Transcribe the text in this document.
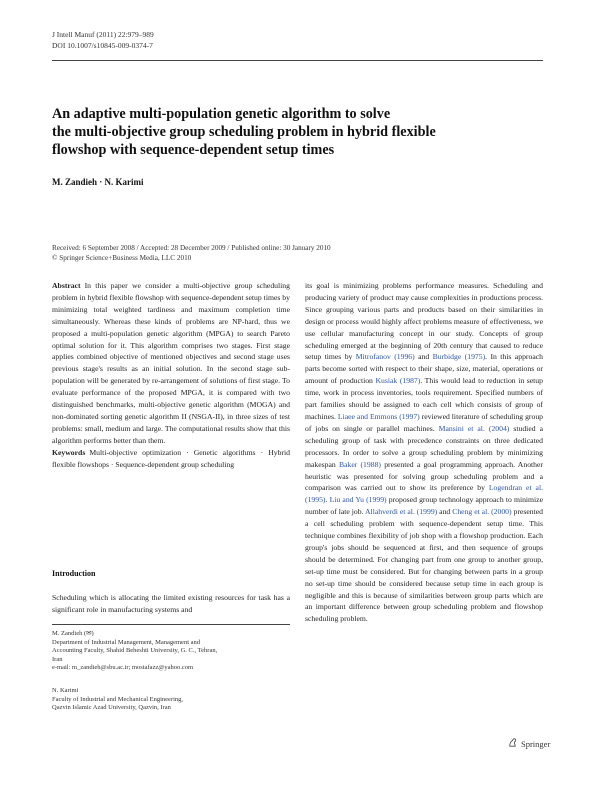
J Intell Manuf (2011) 22:979–989
DOI 10.1007/s10845-009-0374-7
An adaptive multi-population genetic algorithm to solve
the multi-objective group scheduling problem in hybrid flexible
flowshop with sequence-dependent setup times
M. Zandieh · N. Karimi
Received: 6 September 2008 / Accepted: 28 December 2009 / Published online: 30 January 2010
© Springer Science+Business Media, LLC 2010

Abstract In this paper we consider a multi-objective group scheduling problem in hybrid flexible flowshop with sequence-dependent setup times by minimizing total weighted tardiness and maximum completion time simultaneously. Whereas these kinds of problems are NP-hard, thus we proposed a multi-population genetic algorithm (MPGA) to search Pareto optimal solution for it. This algorithm comprises two stages. First stage applies combined objective of mentioned objectives and second stage uses previous stage's results as an initial solution. In the second stage sub-population will be generated by re-arrangement of solutions of first stage. To evaluate performance of the proposed MPGA, it is compared with two distinguished benchmarks, multi-objective genetic algorithm (MOGA) and non-dominated sorting genetic algorithm II (NSGA-II), in three sizes of test problems: small, medium and large. The computational results show that this algorithm performs better than them.

Keywords Multi-objective optimization · Genetic algorithms · Hybrid flexible flowshops · Sequence-dependent group scheduling

Introduction

Scheduling which is allocating the limited existing resources for task has a significant role in manufacturing systems and

M. Zandieh (✉)

Department of Industrial Management, Management and

Accounting Faculty, Shahid Beheshti University, G. C., Tehran,

Iran

e-mail: m_zandieh@sbu.ac.ir; mostafazz@yahoo.com

N. Karimi

Faculty of Industrial and Mechanical Engineering,

Qazvin Islamic Azad University, Qazvin, Iran

its goal is minimizing problems performance measures. Scheduling and producing variety of product may cause complexities in productions process. Since grouping various parts and products based on their similarities in design or process would highly affect problems measure of effectiveness, we use cellular manufacturing concept in our study. Concepts of group scheduling emerged at the beginning of 20th century that caused to reduce setup times by Mitrofanov (1996) and Burbidge (1975). In this approach parts become sorted with respect to their shape, size, material, operations or amount of production Kusiak (1987). This would lead to reduction in setup time, work in process inventories, tools requirement. Specified numbers of part families should be assigned to each cell which consists of group of machines. Liaee and Emmons (1997) reviewed literature of scheduling group of jobs on single or parallel machines. Mansini et al. (2004) studied a scheduling group of task with precedence constraints on three dedicated processors. In order to solve a group scheduling problem by minimizing makespan Baker (1988) presented a goal programming approach. Another heuristic was presented for solving group scheduling problem and a comparison was carried out to show its preference by Logendran et al. (1995). Liu and Yu (1999) proposed group technology approach to minimize number of late job. Allahverdi et al. (1999) and Cheng et al. (2000) presented a cell scheduling problem with sequence-dependent setup time. This technique combines flexibility of job shop with a flowshop production. Each group's jobs should be sequenced at first, and then sequence of groups should be determined. For changing part from one group to another group, set-up time must be considered. But for changing between parts in a group no set-up time should be considered because setup time in each group is negligible and this is because of similarities between group parts which are an important difference between group scheduling problem and flowshop scheduling problem.

Springer
